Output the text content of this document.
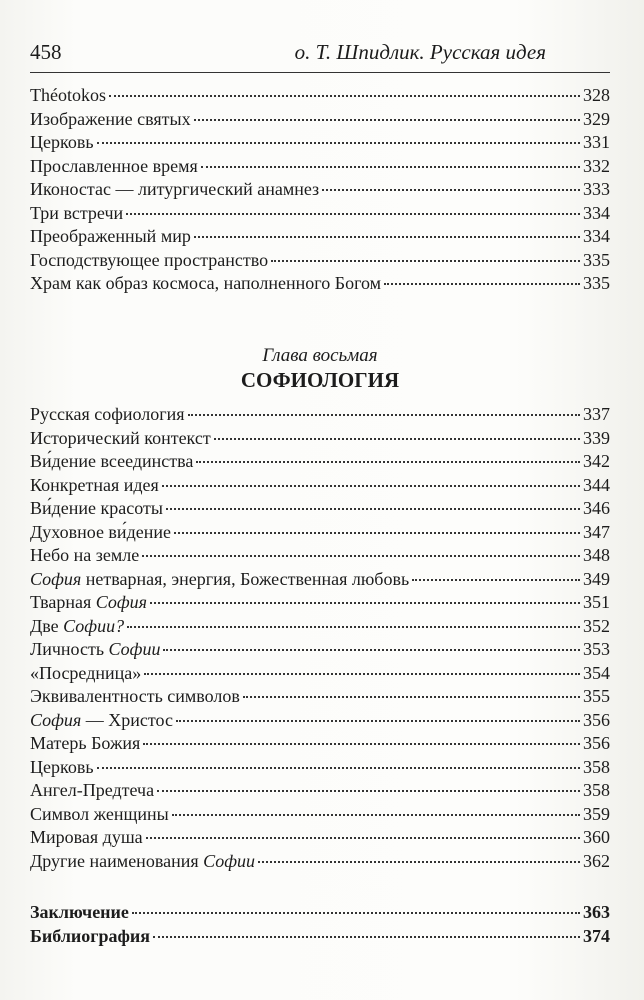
458	о. Т. Шпидлик. Русская идея
Théotokos	328
Изображение святых	329
Церковь	331
Прославленное время	332
Иконостас — литургический анамнез	333
Три встречи	334
Преображенный мир	334
Господствующее пространство	335
Храм как образ космоса, наполненного Богом	335
Глава восьмая
СОФИОЛОГИЯ
Русская софиология	337
Исторический контекст	339
Ви́дение всеединства	342
Конкретная идея	344
Ви́дение красоты	346
Духовное ви́дение	347
Небо на земле	348
София нетварная, энергия, Божественная любовь	349
Тварная София	351
Две Софии?	352
Личность Софии	353
«Посредница»	354
Эквивалентность символов	355
София — Христос	356
Матерь Божия	356
Церковь	358
Ангел-Предтеча	358
Символ женщины	359
Мировая душа	360
Другие наименования Софии	362
Заключение	363
Библиография	374
